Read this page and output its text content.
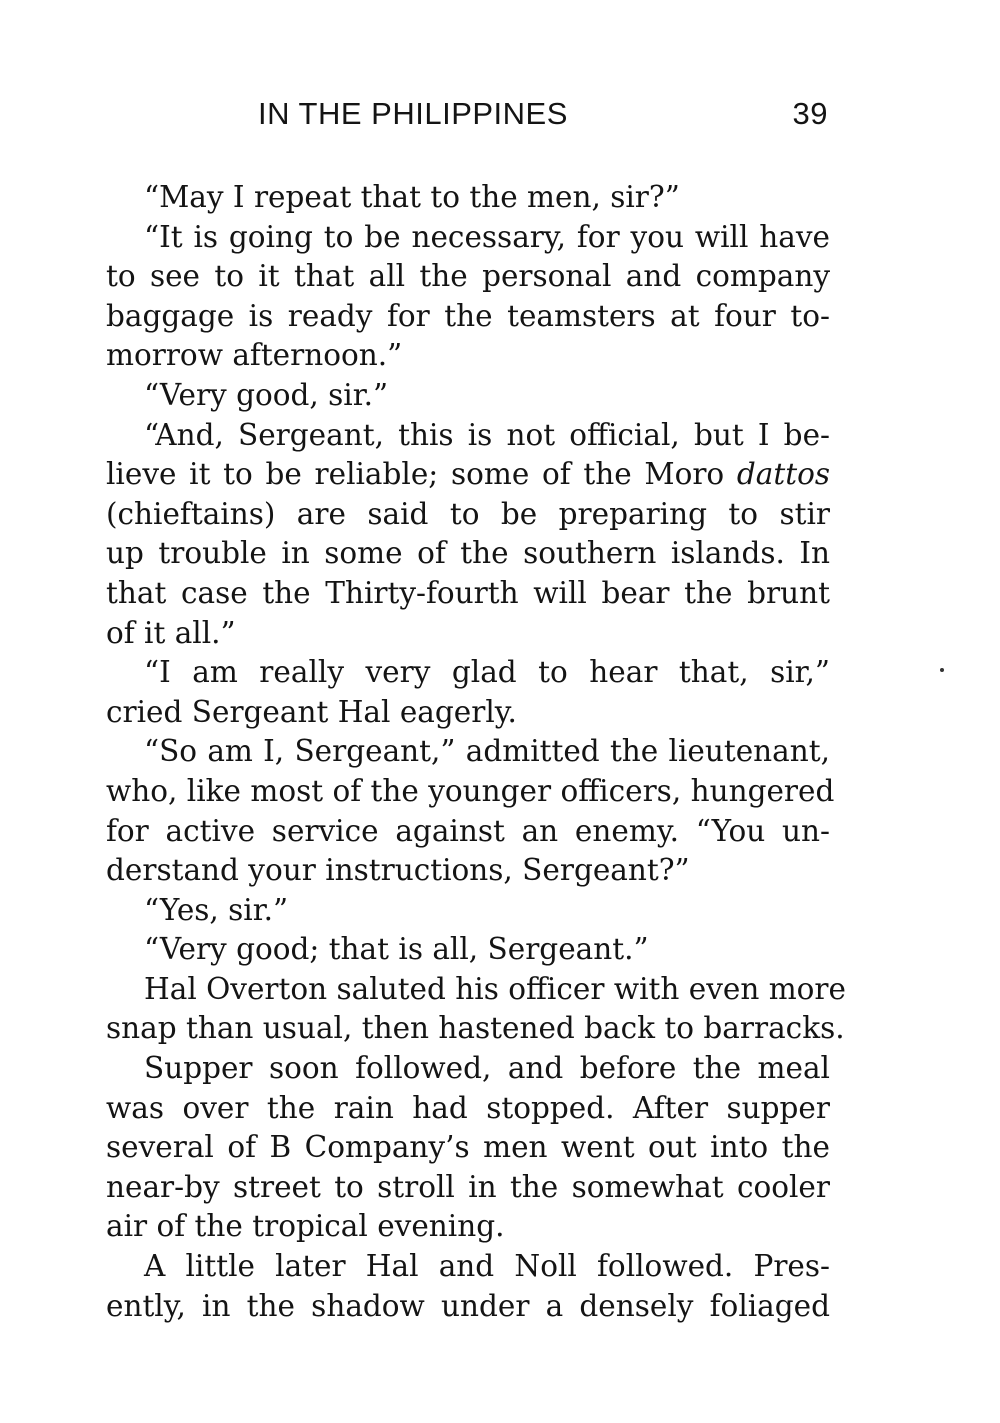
IN THE PHILIPPINES	39
“May I repeat that to the men, sir?”
“It is going to be necessary, for you will have
to see to it that all the personal and company
baggage is ready for the teamsters at four to-
morrow afternoon.”
“Very good, sir.”
“And, Sergeant, this is not official, but I be-
lieve it to be reliable; some of the Moro dattos
(chieftains) are said to be preparing to stir
up trouble in some of the southern islands. In
that case the Thirty-fourth will bear the brunt
of it all.”
“I am really very glad to hear that, sir,”
cried Sergeant Hal eagerly.
“So am I, Sergeant,” admitted the lieutenant,
who, like most of the younger officers, hungered
for active service against an enemy. “You un-
derstand your instructions, Sergeant?”
“Yes, sir.”
“Very good; that is all, Sergeant.”
Hal Overton saluted his officer with even more
snap than usual, then hastened back to barracks.
Supper soon followed, and before the meal
was over the rain had stopped. After supper
several of B Company’s men went out into the
near-by street to stroll in the somewhat cooler
air of the tropical evening.
A little later Hal and Noll followed. Pres-
ently, in the shadow under a densely foliaged
